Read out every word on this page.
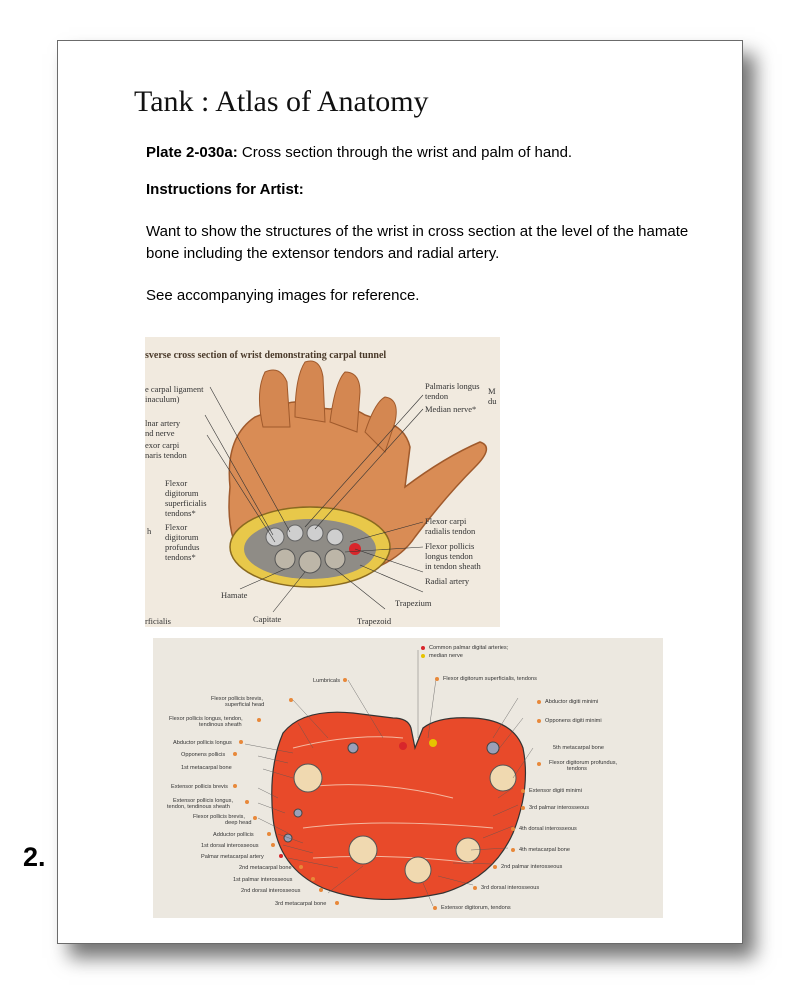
Tank : Atlas of Anatomy
Plate 2-030a: Cross section through the wrist and palm of hand.
Instructions for Artist:
Want to show the structures of the wrist in cross section at the level of the hamate bone including the extensor tendors and radial artery.
See accompanying images for reference.
sverse cross section of wrist demonstrating carpal tunnel
e carpal ligament
inaculum)
lnar artery
nd nerve
exor carpi
naris tendon
Flexor
digitorum
superficialis
tendons*
Flexor
digitorum
profundus
tendons*
h
Palmaris longus
tendon
Median nerve*
M
du
Flexor carpi
radialis tendon
Flexor pollicis
longus tendon
in tendon sheath
Radial artery
Trapezium
Hamate
Capitate	Trapezoid
rficialis
Lumbricals
Flexor pollicis brevis,
superficial head
Flexor pollicis longus, tendon,
tendinous sheath
Abductor pollicis longus
Opponens pollicis
1st metacarpal bone
Extensor pollicis brevis
Extensor pollicis longus,
tendon, tendinous sheath
Flexor pollicis brevis,
deep head
Adductor pollicis
1st dorsal interosseous
Palmar metacarpal artery
2nd metacarpal bone
1st palmar interosseous
2nd dorsal interosseous
3rd metacarpal bone
Common palmar digital arteries;
median nerve
Flexor digitorum superficialis, tendons
Abductor digiti minimi
Opponens digiti minimi
5th metacarpal bone
Flexor digitorum profundus,
tendons
Extensor digiti minimi
3rd palmar interosseous
4th dorsal interosseous
4th metacarpal bone
2nd palmar interosseous
3rd dorsal interosseous
Extensor digitorum, tendons
2.
